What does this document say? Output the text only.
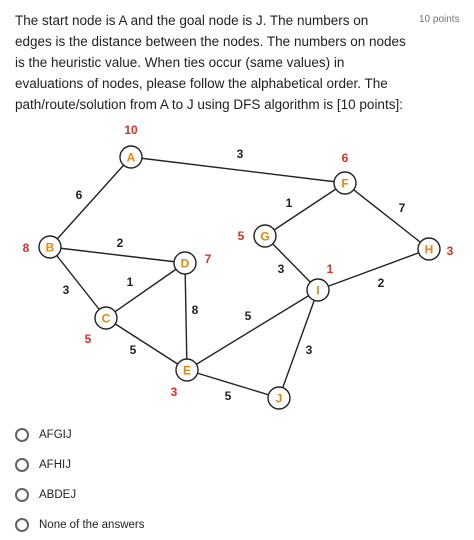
The start node is A and the goal node is J. The numbers on edges is the distance between the nodes. The numbers on nodes is the heuristic value. When ties occur (same values) in evaluations of nodes, please follow the alphabetical order. The path/route/solution from A to J using DFS algorithm is [10 points]:

10 points
3
6
1	7
2
3
1
5
8
3
2
5
3
5
A
10
B
8
C
5
D 7
E
3
F
6
G
5
H 3
I
1
J
AFGIJ
AFHIJ
ABDEJ
None of the answers
